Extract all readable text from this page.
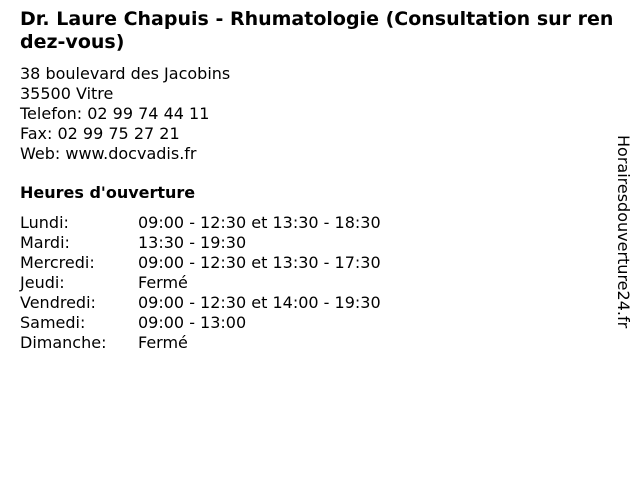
Dr. Laure Chapuis - Rhumatologie (Consultation sur rendez-vous)
38 boulevard des Jacobins
35500 Vitre
Telefon: 02 99 74 44 11
Fax: 02 99 75 27 21
Web: www.docvadis.fr
Heures d'ouverture
Lundi:	09:00 - 12:30 et 13:30 - 18:30
Mardi:	13:30 - 19:30
Mercredi:	09:00 - 12:30 et 13:30 - 17:30
Jeudi:	Fermé
Vendredi:	09:00 - 12:30 et 14:00 - 19:30
Samedi:	09:00 - 13:00
Dimanche: Fermé
Horairesdouverture24.fr
